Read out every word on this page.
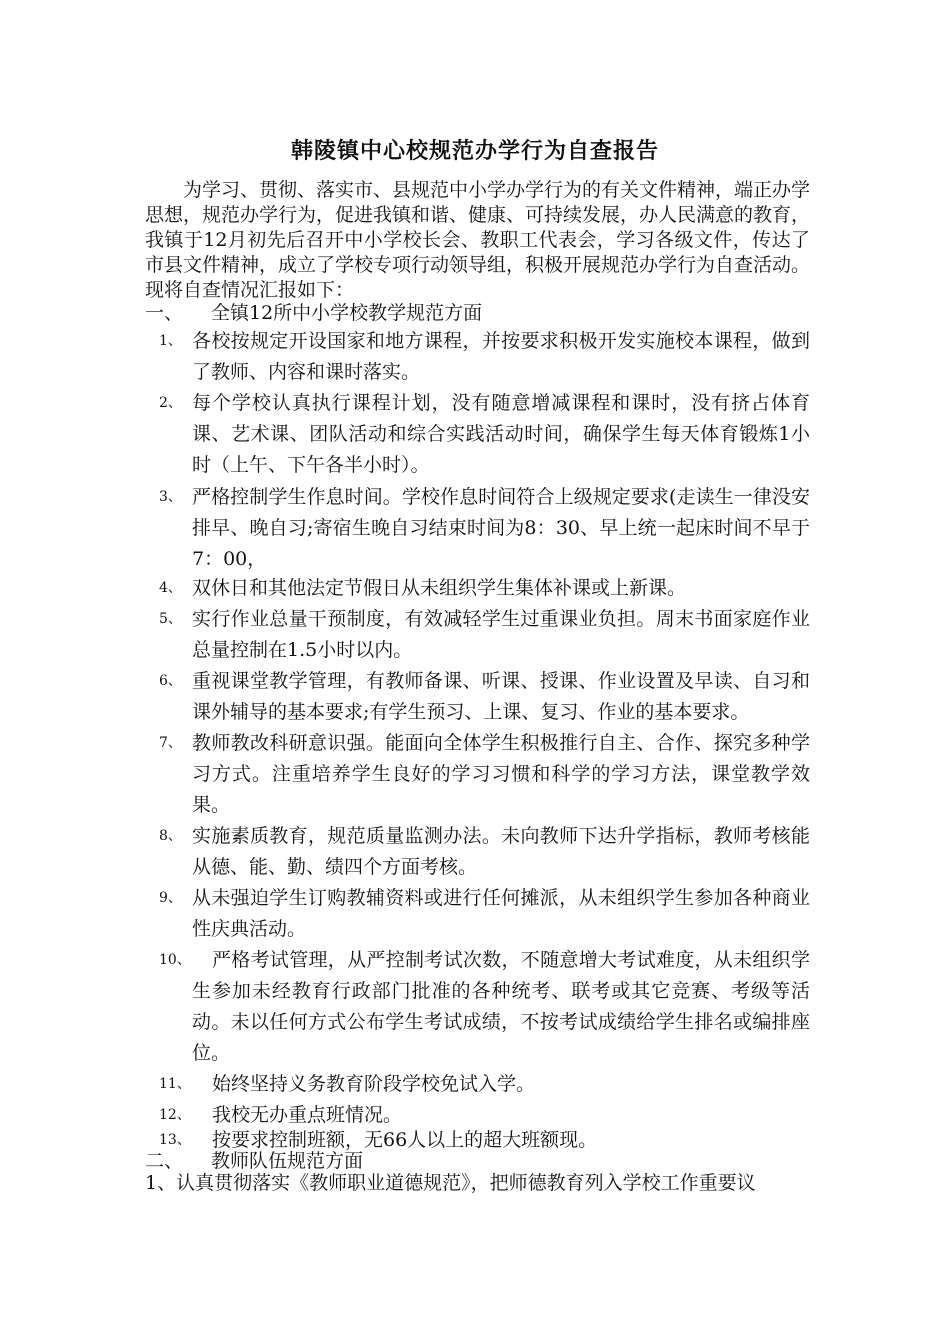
韩陵镇中心校规范办学行为自查报告

为学习、贯彻、落实市、县规范中小学办学行为的有关文件精神，端正办学思想，规范办学行为，促进我镇和谐、健康、可持续发展，办人民满意的教育，我镇于12月初先后召开中小学校长会、教职工代表会，学习各级文件，传达了市县文件精神，成立了学校专项行动领导组，积极开展规范办学行为自查活动。现将自查情况汇报如下：

一、 全镇12所中小学校教学规范方面
1、 各校按规定开设国家和地方课程，并按要求积极开发实施校本课程，做到了教师、内容和课时落实。
2、 每个学校认真执行课程计划，没有随意增减课程和课时，没有挤占体育课、艺术课、团队活动和综合实践活动时间，确保学生每天体育锻炼1小时（上午、下午各半小时）。
3、 严格控制学生作息时间。学校作息时间符合上级规定要求(走读生一律没安排早、晚自习;寄宿生晚自习结束时间为8：30、早上统一起床时间不早于7：00，
4、 双休日和其他法定节假日从未组织学生集体补课或上新课。
5、 实行作业总量干预制度，有效减轻学生过重课业负担。周末书面家庭作业总量控制在1.5小时以内。
6、 重视课堂教学管理，有教师备课、听课、授课、作业设置及早读、自习和课外辅导的基本要求;有学生预习、上课、复习、作业的基本要求。
7、 教师教改科研意识强。能面向全体学生积极推行自主、合作、探究多种学习方式。注重培养学生良好的学习习惯和科学的学习方法，课堂教学效果。
8、 实施素质教育，规范质量监测办法。未向教师下达升学指标，教师考核能从德、能、勤、绩四个方面考核。
9、 从未强迫学生订购教辅资料或进行任何摊派，从未组织学生参加各种商业性庆典活动。
10、	严格考试管理，从严控制考试次数，不随意增大考试难度，从未组织学生参加未经教育行政部门批准的各种统考、联考或其它竞赛、考级等活动。未以任何方式公布学生考试成绩，不按考试成绩给学生排名或编排座位。
11、	始终坚持义务教育阶段学校免试入学。
12、	我校无办重点班情况。
13、	按要求控制班额，无66人以上的超大班额现。
二、 教师队伍规范方面
1、认真贯彻落实《教师职业道德规范》，把师德教育列入学校工作重要议
